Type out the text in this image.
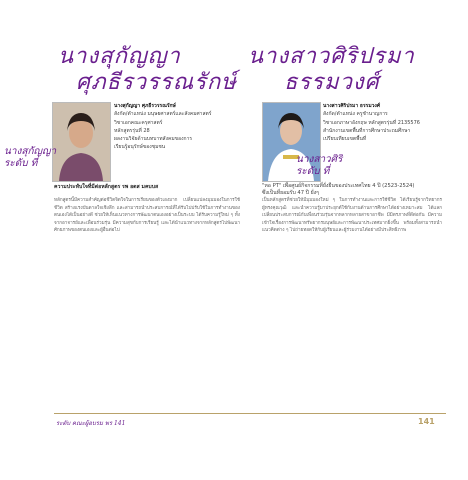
นางสุกัญญา
ศุภธีรวรรณรักษ์
นางสาวศิริปรมา
ธรรมวงศ์
นางสุกัญญา ศุภธีรวรรณรักษ์
สังกัด/ตำแหน่ง มนุษยศาสตร์และสังคมศาสตร์
วิชาเอกคณะครุศาสตร์
หลักสูตรรุ่นที่ 28
ผลงานวิจัยด้านบทบาทสังคมของการ
เรียนรู้อนุรักษ์ของชุมชน
นางสาวศิริปรมา ธรรมวงศ์
สังกัด/ตำแหน่ง ครูชำนาญการ
วิชาเอกภาษาอังกฤษ หลักสูตรรุ่นที่ 2135576
สำนักงานเขตพื้นที่การศึกษาประถมศึกษา
เปรียบเทียบเขตพื้นที่
นางสุกัญญา
ระดับ ที่	นางสาวศิริ
ระดับ ที่
ความประทับใจที่มีต่อหลักสูตร รพ อดส มคบบส	"หอ PT" เพื่อศูนย์กิจกรรมที่ยั่งยืนของประเทศไทย 4 ปี (2523-2524)
ซึ่งเป็นที่ยอมรับ 47 ปี ยั่งๆ
หลักสูตรนี้มีความสำคัญต่อชีวิตจิตใจในการเรียนของตัวเองมาก เปลี่ยนแปลงมุมมองในการใช้ชีวิต สร้างแรงบันดาลใจเชิงลึก และสามารถนำประสบการณ์ที่ได้รับไปปรับใช้ในการทำงานของตนเองได้เป็นอย่างดี ช่วยให้เห็นแนวทางการพัฒนาตนเองอย่างเป็นระบบ ได้รับความรู้ใหม่ ๆ ทั้งจากอาจารย์และเพื่อนร่วมรุ่น มีความสุขกับการเรียนรู้ และได้นำแนวทางจากหลักสูตรไปพัฒนาศักยภาพของตนเองและผู้อื่นต่อไป
เป็นหลักสูตรที่ช่วยให้มีมุมมองใหม่ ๆ ในการทำงานและการใช้ชีวิต ได้เรียนรู้จากวิทยากรผู้ทรงคุณวุฒิ และนำความรู้มาประยุกต์ใช้กับงานด้านการศึกษาได้อย่างเหมาะสม ได้แลกเปลี่ยนประสบการณ์กับเพื่อนร่วมรุ่นจากหลากหลายสาขาอาชีพ มีมิตรภาพที่ดีต่อกัน มีความเข้าใจเรื่องการพัฒนาทรัพยากรมนุษย์และการพัฒนาประเทศมากยิ่งขึ้น พร้อมทั้งสามารถนำแนวคิดต่าง ๆ ไปถ่ายทอดให้กับผู้เรียนและผู้ร่วมงานได้อย่างมีประสิทธิภาพ
ระดับ คณะผู้อบรม พร 141	141
